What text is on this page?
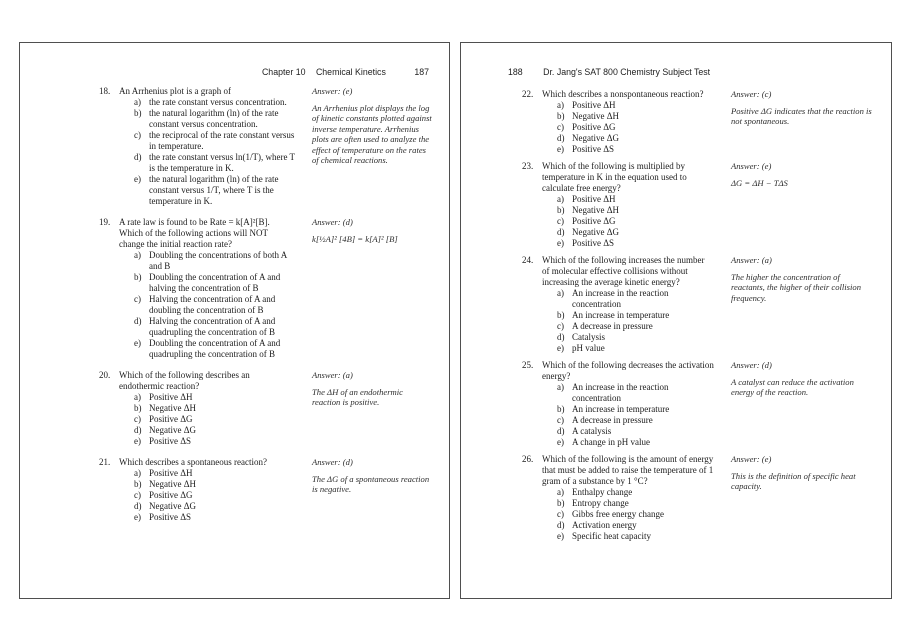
Chapter 10 Chemical Kinetics	187
18. An Arrhenius plot is a graph of
a) the rate constant versus concentration.
b) the natural logarithm (ln) of the rate constant versus concentration.
c) the reciprocal of the rate constant versus in temperature.
d) the rate constant versus ln(1/T), where T is the temperature in K.
e) the natural logarithm (ln) of the rate constant versus 1/T, where T is the temperature in K.
Answer: (e)
An Arrhenius plot displays the log of kinetic constants plotted against inverse temperature. Arrhenius plots are often used to analyze the effect of temperature on the rates of chemical reactions.
19. A rate law is found to be Rate = k[A]²[B]. Which of the following actions will NOT change the initial reaction rate?
a) Doubling the concentrations of both A and B
b) Doubling the concentration of A and halving the concentration of B
c) Halving the concentration of A and doubling the concentration of B
d) Halving the concentration of A and quadrupling the concentration of B
e) Doubling the concentration of A and quadrupling the concentration of B
Answer: (d)
k[½A]² [4B] = k[A]² [B]
20. Which of the following describes an endothermic reaction?
a) Positive ΔH
b) Negative ΔH
c) Positive ΔG
d) Negative ΔG
e) Positive ΔS
Answer: (a)
The ΔH of an endothermic reaction is positive.
21. Which describes a spontaneous reaction?
a) Positive ΔH
b) Negative ΔH
c) Positive ΔG
d) Negative ΔG
e) Positive ΔS
Answer: (d)
The ΔG of a spontaneous reaction is negative.
188 Dr. Jang's SAT 800 Chemistry Subject Test
22. Which describes a nonspontaneous reaction?
a) Positive ΔH
b) Negative ΔH
c) Positive ΔG
d) Negative ΔG
e) Positive ΔS
Answer: (c)
Positive ΔG indicates that the reaction is not spontaneous.
23. Which of the following is multiplied by temperature in K in the equation used to calculate free energy?
a) Positive ΔH
b) Negative ΔH
c) Positive ΔG
d) Negative ΔG
e) Positive ΔS
Answer: (e)
ΔG = ΔH − TΔS
24. Which of the following increases the number of molecular effective collisions without increasing the average kinetic energy?
a) An increase in the reaction concentration
b) An increase in temperature
c) A decrease in pressure
d) Catalysis
e) pH value
Answer: (a)
The higher the concentration of reactants, the higher of their collision frequency.
25. Which of the following decreases the activation energy?
a) An increase in the reaction concentration
b) An increase in temperature
c) A decrease in pressure
d) A catalysis
e) A change in pH value
Answer: (d)
A catalyst can reduce the activation energy of the reaction.
26. Which of the following is the amount of energy that must be added to raise the temperature of 1 gram of a substance by 1 °C?
a) Enthalpy change
b) Entropy change
c) Gibbs free energy change
d) Activation energy
e) Specific heat capacity
Answer: (e)
This is the definition of specific heat capacity.
